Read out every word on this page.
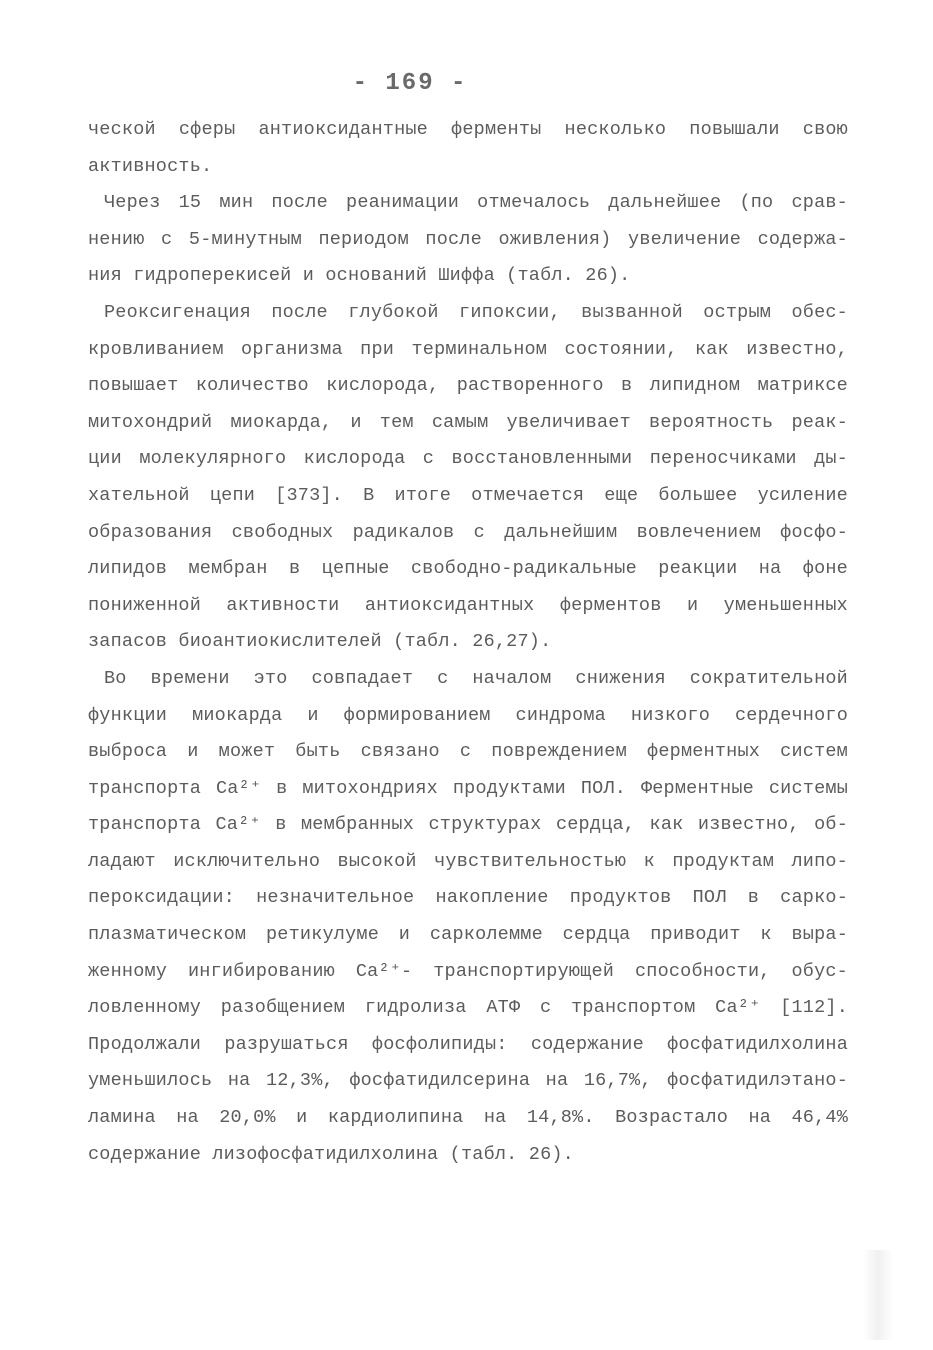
- 169 -
ческой сферы антиоксидантные ферменты несколько повышали свою
активность.
Через 15 мин после реанимации отмечалось дальнейшее (по срав-
нению с 5-минутным периодом после оживления) увеличение содержа-
ния гидроперекисей и оснований Шиффа (табл. 26).
Реоксигенация после глубокой гипоксии, вызванной острым обес-
кровливанием организма при терминальном состоянии, как известно,
повышает количество кислорода, растворенного в липидном матриксе
митохондрий миокарда, и тем самым увеличивает вероятность реак-
ции молекулярного кислорода с восстановленными переносчиками ды-
хательной цепи [373]. В итоге отмечается еще большее усиление
образования свободных радикалов с дальнейшим вовлечением фосфо-
липидов мембран в цепные свободно-радикальные реакции на фоне
пониженной активности антиоксидантных ферментов и уменьшенных
запасов биоантиокислителей (табл. 26,27).
Во времени это совпадает с началом снижения сократительной
функции миокарда и формированием синдрома низкого сердечного
выброса и может быть связано с повреждением ферментных систем
транспорта Ca²⁺ в митохондриях продуктами ПОЛ. Ферментные системы
транспорта Ca²⁺ в мембранных структурах сердца, как известно, об-
ладают исключительно высокой чувствительностью к продуктам липо-
пероксидации: незначительное накопление продуктов ПОЛ в сарко-
плазматическом ретикулуме и сарколемме сердца приводит к выра-
женному ингибированию Ca²⁺- транспортирующей способности, обус-
ловленному разобщением гидролиза АТФ с транспортом Ca²⁺ [112].
Продолжали разрушаться фосфолипиды: содержание фосфатидилхолина
уменьшилось на 12,3%, фосфатидилсерина на 16,7%, фосфатидилэтано-
ламина на 20,0% и кардиолипина на 14,8%. Возрастало на 46,4%
содержание лизофосфатидилхолина (табл. 26).
